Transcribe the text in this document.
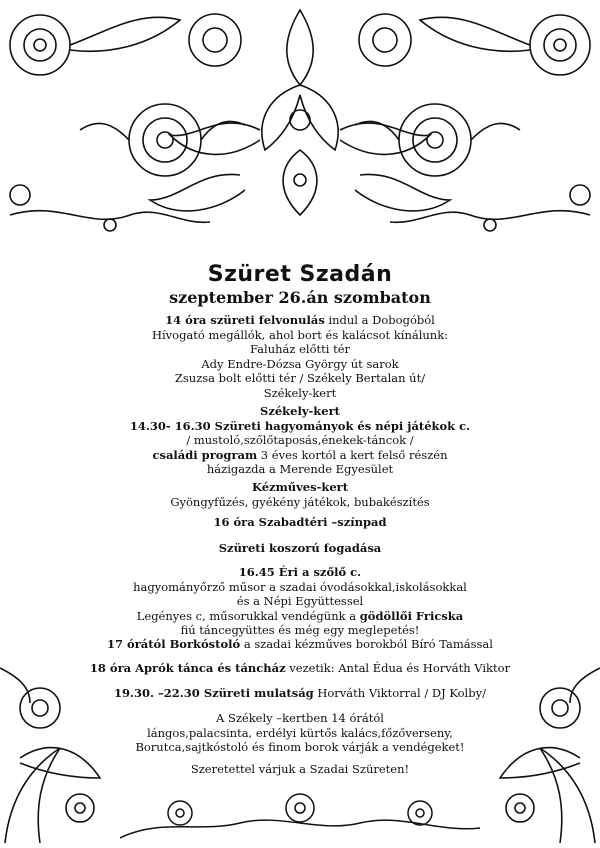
Szüret Szadán
szeptember 26.án szombaton
14 óra szüreti felvonulás indul a Dobogóból
Hívogató megállók, ahol bort és kalácsot kínálunk:
Faluház előtti tér
Ady Endre-Dózsa György út sarok
Zsuzsa bolt előtti tér / Székely Bertalan út/
Székely-kert
Székely-kert
14.30- 16.30 Szüreti hagyományok és népi játékok c.
/ mustoló,szőlőtaposás,énekek-táncok /
családi program 3 éves kortól a kert felső részén
házigazda a Merende Egyesület
Kézműves-kert
Gyöngyfűzés, gyékény játékok, bubakészítés
16 óra Szabadtéri –színpad
Szüreti koszorú fogadása
16.45 Éri a szőlő c.
hagyományőrző műsor a szadai óvodásokkal,iskolásokkal
és a Népi Együttessel
Legényes c, műsorukkal vendégünk a gödöllői Fricska
fiú táncegyüttes és még egy meglepetés!
17 órától Borkóstoló a szadai kézműves borokból Bíró Tamással
18 óra Aprók tánca és táncház vezetik: Antal Édua és Horváth Viktor
19.30. –22.30 Szüreti mulatság Horváth Viktorral / DJ Kolby/
A Székely –kertben 14 órától
lángos,palacsinta, erdélyi kürtős kalács,főzőverseny,
Borutca,sajtkóstoló és finom borok várják a vendégeket!
Szeretettel várjuk a Szadai Szüreten!
